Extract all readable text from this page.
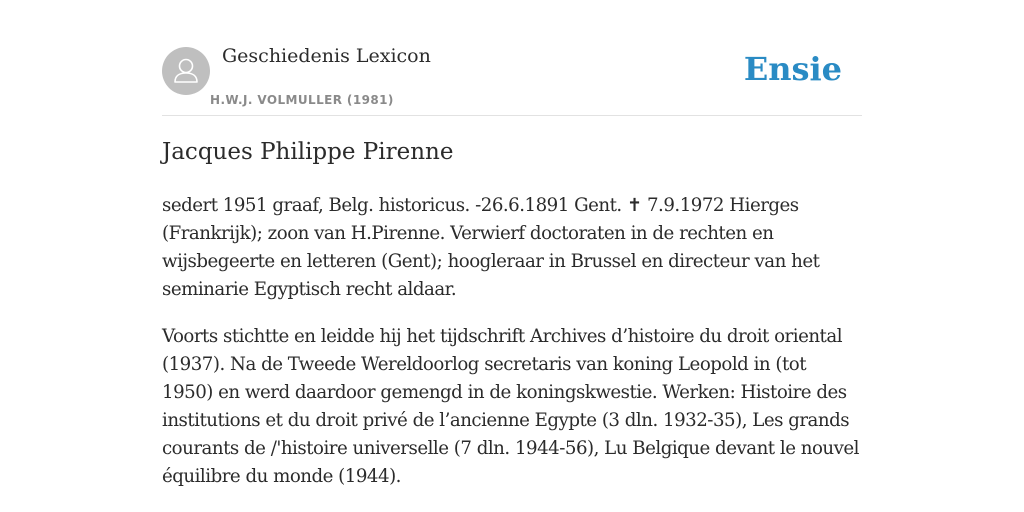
Geschiedenis Lexicon
H.W.J. VOLMULLER (1981)
Ensie
Jacques Philippe Pirenne

sedert 1951 graaf, Belg. historicus. -26.6.1891 Gent. ✝ 7.9.1972 Hierges (Frankrijk); zoon van H.Pirenne. Verwierf doctoraten in de rechten en wijsbegeerte en letteren (Gent); hoogleraar in Brussel en directeur van het seminarie Egyptisch recht aldaar.

Voorts stichtte en leidde hij het tijdschrift Archives d’histoire du droit oriental (1937). Na de Tweede Wereldoorlog secretaris van koning Leopold in (tot 1950) en werd daardoor gemengd in de koningskwestie. Werken: Histoire des institutions et du droit privé de l’ancienne Egypte (3 dln. 1932-35), Les grands courants de /'histoire universelle (7 dln. 1944-56), Lu Belgique devant le nouvel équilibre du monde (1944).
